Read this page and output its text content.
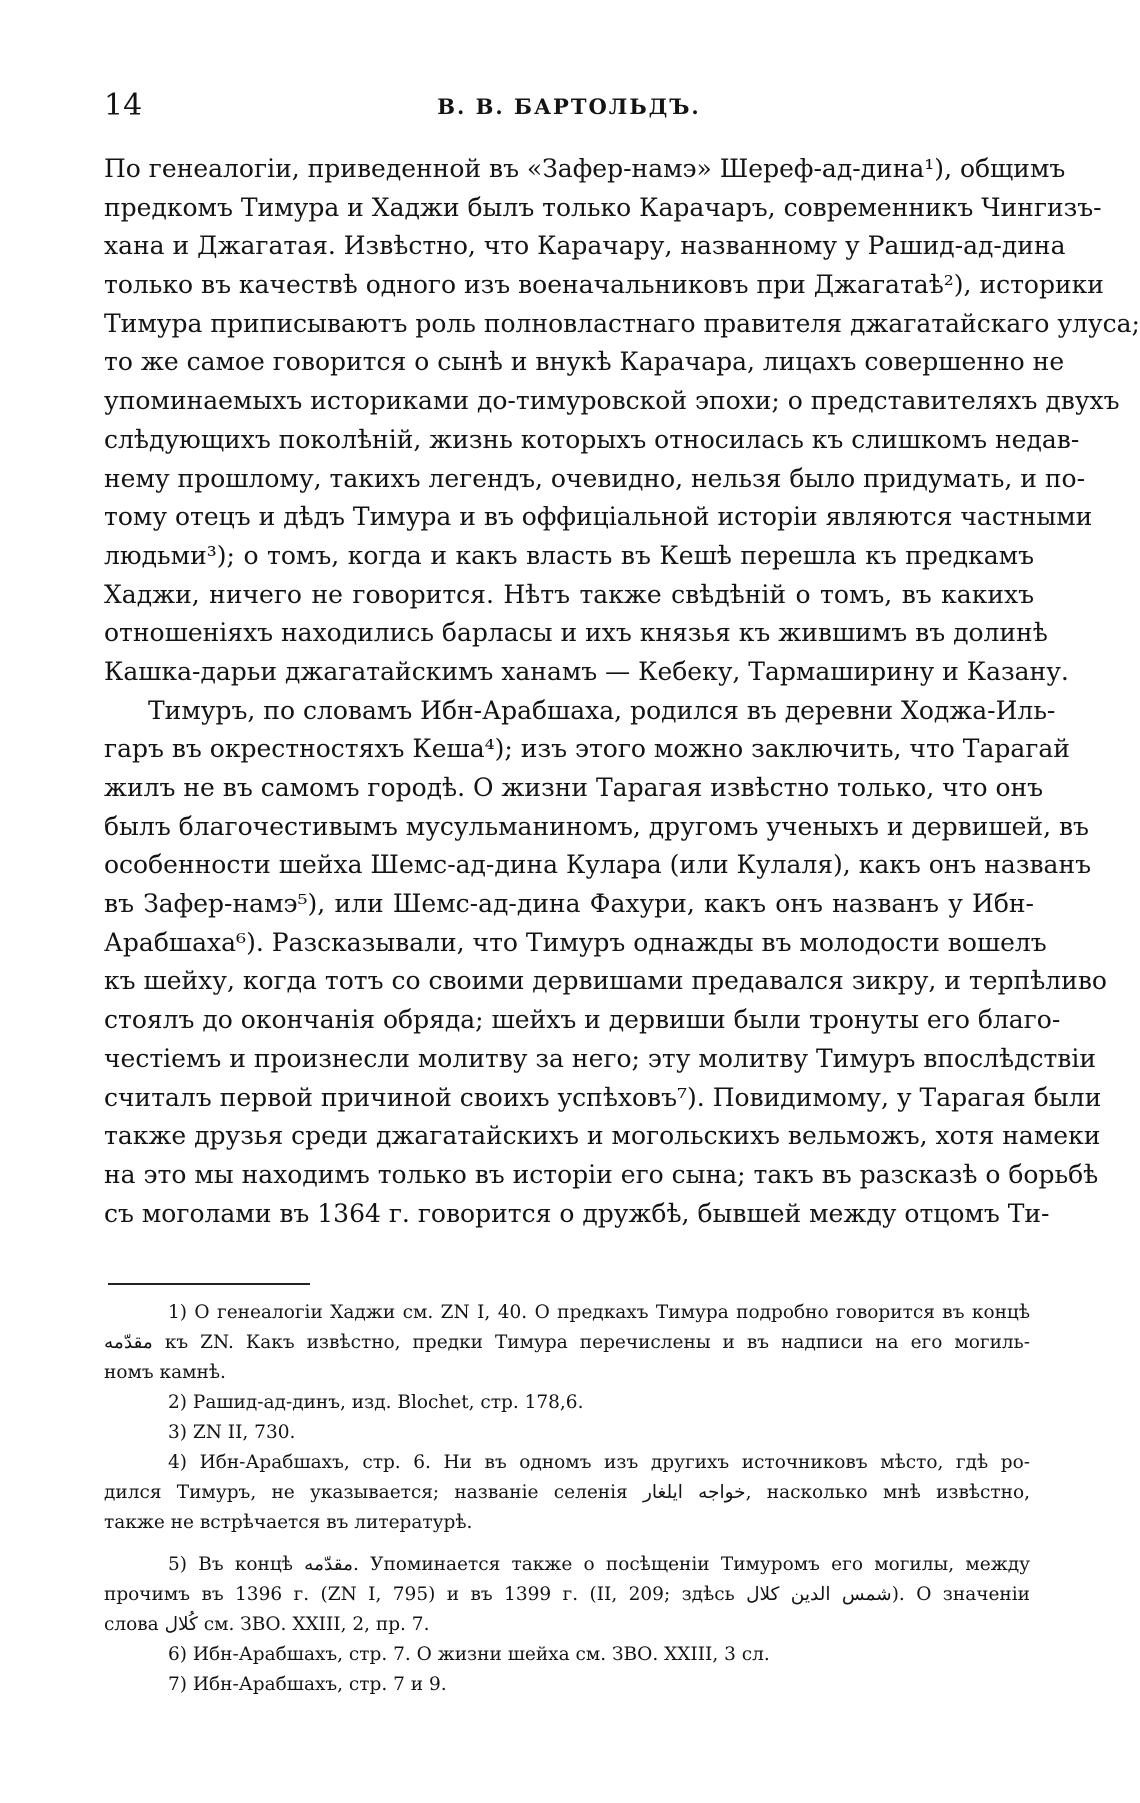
14	В. В. БАРТОЛЬДЪ.
По генеалогіи, приведенной въ «Зафер-намэ» Шереф-ад-дина¹), общимъ
предкомъ Тимура и Хаджи былъ только Карачаръ, современникъ Чингизъ-
хана и Джагатая. Извѣстно, что Карачару, названному у Рашид-ад-дина
только въ качествѣ одного изъ военачальниковъ при Джагатаѣ²), историки
Тимура приписываютъ роль полновластнаго правителя джагатайскаго улуса;
то же самое говорится о сынѣ и внукѣ Карачара, лицахъ совершенно не
упоминаемыхъ историками до-тимуровской эпохи; о представителяхъ двухъ
слѣдующихъ поколѣній, жизнь которыхъ относилась къ слишкомъ недав-
нему прошлому, такихъ легендъ, очевидно, нельзя было придумать, и по-
тому отецъ и дѣдъ Тимура и въ оффиціальной исторіи являются частными
людьми³); о томъ, когда и какъ власть въ Кешѣ перешла къ предкамъ
Хаджи, ничего не говорится. Нѣтъ также свѣдѣній о томъ, въ какихъ
отношеніяхъ находились барласы и ихъ князья къ жившимъ въ долинѣ
Кашка-дарьи джагатайскимъ ханамъ — Кебеку, Тармаширину и Казану.
Тимуръ, по словамъ Ибн-Арабшаха, родился въ деревни Ходжа-Иль-
гаръ въ окрестностяхъ Кеша⁴); изъ этого можно заключить, что Тарагай
жилъ не въ самомъ городѣ. О жизни Тарагая извѣстно только, что онъ
былъ благочестивымъ мусульманиномъ, другомъ ученыхъ и дервишей, въ
особенности шейха Шемс-ад-дина Кулара (или Кулаля), какъ онъ названъ
въ Зафер-намэ⁵), или Шемс-ад-дина Фахури, какъ онъ названъ у Ибн-
Арабшаха⁶). Разсказывали, что Тимуръ однажды въ молодости вошелъ
къ шейху, когда тотъ со своими дервишами предавался зикру, и терпѣливо
стоялъ до окончанія обряда; шейхъ и дервиши были тронуты его благо-
честіемъ и произнесли молитву за него; эту молитву Тимуръ впослѣдствіи
считалъ первой причиной своихъ успѣховъ⁷). Повидимому, у Тарагая были
также друзья среди джагатайскихъ и могольскихъ вельможъ, хотя намеки
на это мы находимъ только въ исторіи его сына; такъ въ разсказѣ о борьбѣ
съ моголами въ 1364 г. говорится о дружбѣ, бывшей между отцомъ Ти-
1) О генеалогіи Хаджи см. ZN I, 40. О предкахъ Тимура подробно говорится въ концѣ
مقدّمه къ ZN. Какъ извѣстно, предки Тимура перечислены и въ надписи на его могиль-
номъ камнѣ.
2) Рашид-ад-динъ, изд. Blochet, стр. 178,6.
3) ZN II, 730.
4) Ибн-Арабшахъ, стр. 6. Ни въ одномъ изъ другихъ источниковъ мѣсто, гдѣ ро-
дился Тимуръ, не указывается; названіе селенія خواجه ايلغار, насколько мнѣ извѣстно,
также не встрѣчается въ литературѣ.
5) Въ концѣ مقدّمه. Упоминается также о посѣщеніи Тимуромъ его могилы, между
прочимъ въ 1396 г. (ZN I, 795) и въ 1399 г. (II, 209; здѣсь شمس الدين كلال). О значеніи
слова كُلال см. ЗВО. XXIII, 2, пр. 7.
6) Ибн-Арабшахъ, стр. 7. О жизни шейха см. ЗВО. XXIII, 3 сл.
7) Ибн-Арабшахъ, стр. 7 и 9.
